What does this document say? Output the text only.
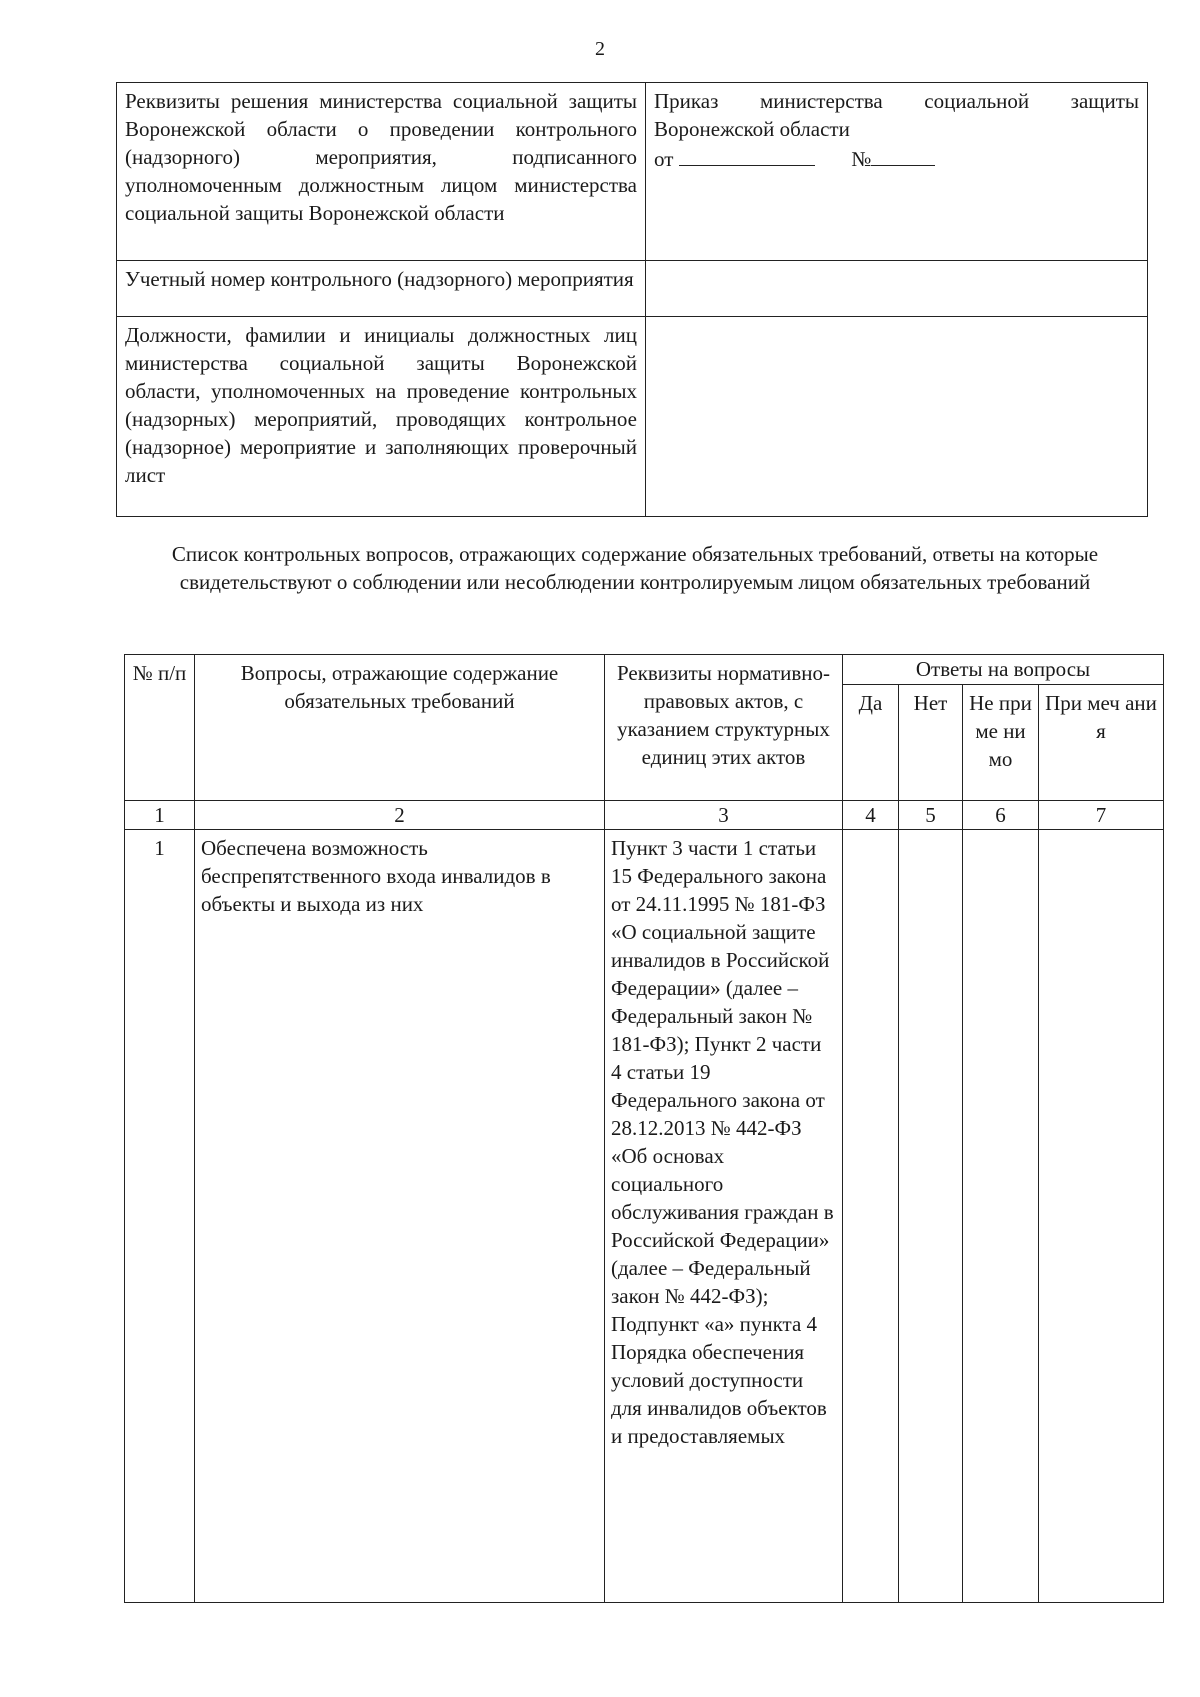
2
Реквизиты решения министерства социальной защиты Воронежской области о проведении контрольного (надзорного) мероприятия, подписанного уполномоченным должностным лицом министерства социальной защиты Воронежской области	Приказ министерства социальной защиты Воронежской области
от №
Учетный номер контрольного (надзорного) мероприятия	
Должности, фамилии и инициалы должностных лиц министерства социальной защиты Воронежской области, уполномоченных на проведение контрольных (надзорных) мероприятий, проводящих контрольное (надзорное) мероприятие и заполняющих проверочный лист	
Список контрольных вопросов, отражающих содержание обязательных требований, ответы на которые свидетельствуют о соблюдении или несоблюдении контролируемым лицом обязательных требований
№ п/п	Вопросы, отражающие содержание обязательных требований	Реквизиты нормативно-правовых актов, с указанием структурных единиц этих актов	Ответы на вопросы			
			Да	Нет	Не при ме нимо	При меч ани я
1	2	3	4	5	6	7
1	Обеспечена возможность беспрепятственного входа инвалидов в объекты и выхода из них	Пункт 3 части 1 статьи 15 Федерального закона от 24.11.1995 № 181-ФЗ «О социальной защите инвалидов в Российской Федерации» (далее – Федеральный закон № 181-ФЗ); Пункт 2 части 4 статьи 19 Федерального закона от 28.12.2013 № 442-ФЗ «Об основах социального обслуживания граждан в Российской Федерации» (далее – Федеральный закон № 442-ФЗ); Подпункт «а» пункта 4 Порядка обеспечения условий доступности для инвалидов объектов и предоставляемых				
